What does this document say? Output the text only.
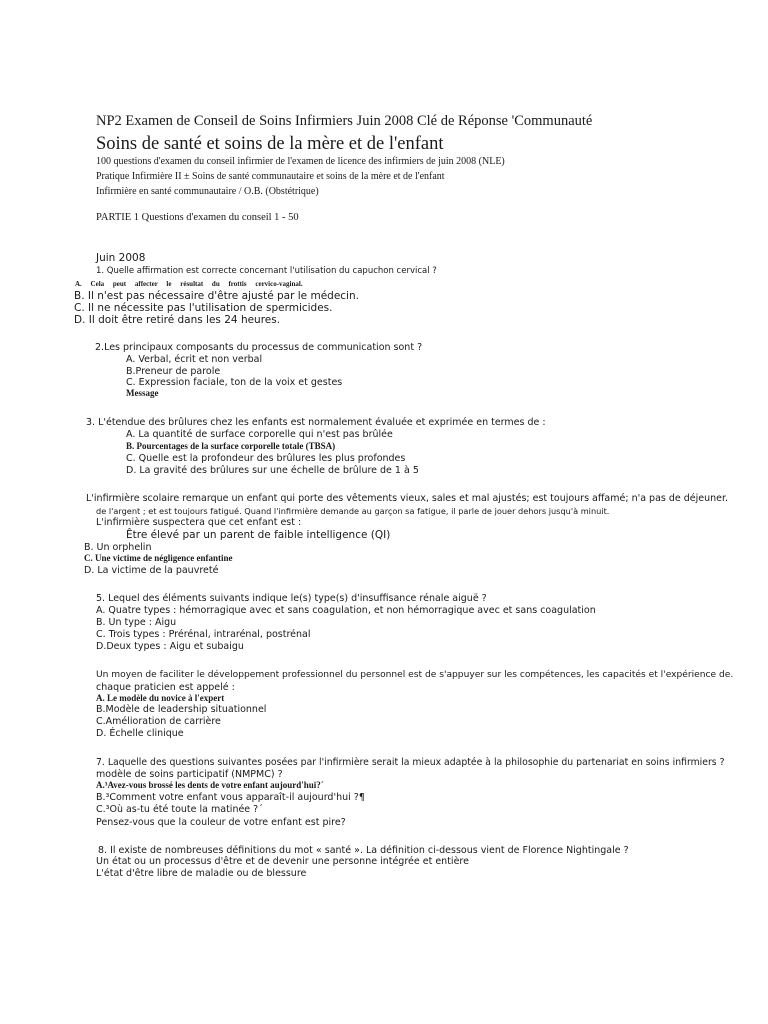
NP2 Examen de Conseil de Soins Infirmiers Juin 2008 Clé de Réponse 'Communauté
Soins de santé et soins de la mère et de l'enfant
100 questions d'examen du conseil infirmier de l'examen de licence des infirmiers de juin 2008 (NLE)
Pratique Infirmière II ± Soins de santé communautaire et soins de la mère et de l'enfant
Infirmière en santé communautaire / O.B. (Obstétrique)
PARTIE 1 Questions d'examen du conseil 1 - 50
Juin 2008
1. Quelle affirmation est correcte concernant l'utilisation du capuchon cervical ?
A. Cela peut affecter le résultat du frottis cervico-vaginal.
B. Il n'est pas nécessaire d'être ajusté par le médecin.
C. Il ne nécessite pas l'utilisation de spermicides.
D. Il doit être retiré dans les 24 heures.
2.Les principaux composants du processus de communication sont ?
A. Verbal, écrit et non verbal
B.Preneur de parole
C. Expression faciale, ton de la voix et gestes
Message
3. L'étendue des brûlures chez les enfants est normalement évaluée et exprimée en termes de :
A. La quantité de surface corporelle qui n'est pas brûlée
B. Pourcentages de la surface corporelle totale (TBSA)
C. Quelle est la profondeur des brûlures les plus profondes
D. La gravité des brûlures sur une échelle de brûlure de 1 à 5
L'infirmière scolaire remarque un enfant qui porte des vêtements vieux, sales et mal ajustés; est toujours affamé; n'a pas de déjeuner.
de l'argent ; et est toujours fatigué. Quand l'infirmière demande au garçon sa fatigue, il parle de jouer dehors jusqu'à minuit.
L'infirmière suspectera que cet enfant est :
Être élevé par un parent de faible intelligence (QI)
B. Un orphelin
C. Une victime de négligence enfantine
D. La victime de la pauvreté
5. Lequel des éléments suivants indique le(s) type(s) d'insuffisance rénale aiguë ?
A. Quatre types : hémorragique avec et sans coagulation, et non hémorragique avec et sans coagulation
B. Un type : Aigu
C. Trois types : Prérénal, intrarénal, postrénal
D.Deux types : Aigu et subaigu
Un moyen de faciliter le développement professionnel du personnel est de s'appuyer sur les compétences, les capacités et l'expérience de.
chaque praticien est appelé :
A. Le modèle du novice à l'expert
B.Modèle de leadership situationnel
C.Amélioration de carrière
D. Échelle clinique
7. Laquelle des questions suivantes posées par l'infirmière serait la mieux adaptée à la philosophie du partenariat en soins infirmiers ?
modèle de soins participatif (NMPMC) ?
A.³Avez-vous brossé les dents de votre enfant aujourd'hui?´
B.³Comment votre enfant vous apparaît-il aujourd'hui ?¶
C.³Où as-tu été toute la matinée ?´
Pensez-vous que la couleur de votre enfant est pire?
8. Il existe de nombreuses définitions du mot « santé ». La définition ci-dessous vient de Florence Nightingale ?
Un état ou un processus d'être et de devenir une personne intégrée et entière
L'état d'être libre de maladie ou de blessure
